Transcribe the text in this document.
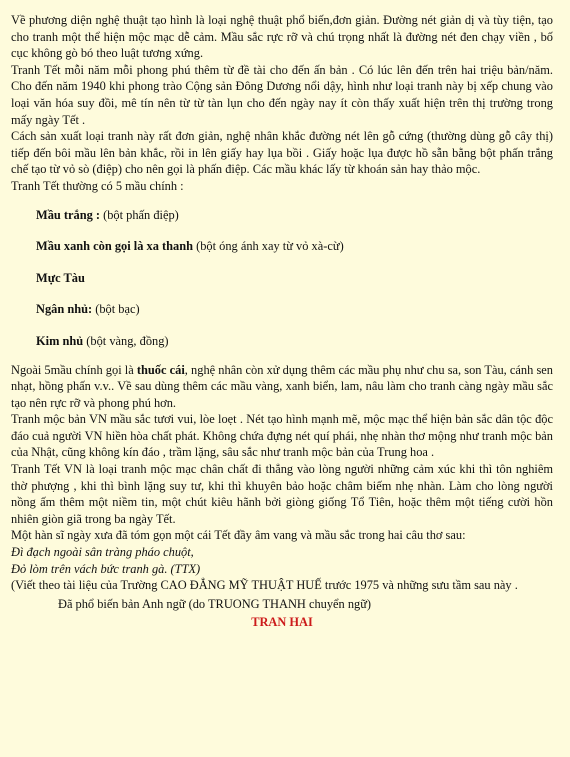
Về phương diện nghệ thuật tạo hình là loại nghệ thuật phổ biến,đơn giản. Đường nét giản dị và tùy tiện, tạo cho tranh một thể hiện mộc mạc dễ cảm. Mầu sắc rực rỡ và chú trọng nhất là đường nét đen chạy viền , bố cục không gò bó theo luật tương xứng.

Tranh Tết mỗi năm mỗi phong phú thêm từ đề tài cho đến ấn bản . Có lúc lên đến trên hai triệu bản/năm. Cho đến năm 1940 khi phong trào Cộng sản Đông Dương nổi dậy, hình như loại tranh này bị xếp chung vào loại văn hóa suy đồi, mê tín nên từ từ tàn lụn cho đến ngày nay ít còn thấy xuất hiện trên thị trường trong mấy ngày Tết .

Cách sản xuất loại tranh này rất đơn giản, nghệ nhân khắc đường nét lên gỗ cứng (thường dùng gỗ cây thị) tiếp đến bôi mầu lên bản khắc, rồi in lên giấy hay lụa bồi . Giấy hoặc lụa được hồ sẵn bằng bột phấn trắng chế tạo từ vỏ sò (điệp) cho nên gọi là phấn điệp. Các mầu khác lấy từ khoán sản hay thảo mộc.

Tranh Tết thường có 5 mầu chính :

Mầu trắng : (bột phấn điệp)

Mầu xanh còn gọi là xa thanh (bột óng ánh xay từ vỏ xà-cừ)

Mực Tàu

Ngân nhủ: (bột bạc)

Kim nhủ (bột vàng, đồng)

Ngoài 5mầu chính gọi là thuốc cái, nghệ nhân còn xử dụng thêm các mầu phụ như chu sa, son Tàu, cánh sen nhạt, hồng phấn v.v.. Về sau dùng thêm các mầu vàng, xanh biển, lam, nâu làm cho tranh càng ngày mầu sắc tạo nên rực rỡ và phong phú hơn.

Tranh mộc bản VN mầu sắc tươi vui, lòe loẹt . Nét tạo hình mạnh mẽ, mộc mạc thể hiện bản sắc dân tộc độc đáo cuả người VN hiền hòa chất phát. Không chứa đựng nét quí phái, nhẹ nhàn thơ mộng như tranh mộc bản của Nhật, cũng không kín đáo , trầm lặng, sâu sắc như tranh mộc bản của Trung hoa .

Tranh Tết VN là loại tranh mộc mạc chân chất đi thẳng vào lòng người những cảm xúc khi thì tôn nghiêm thờ phượng , khi thì bình lặng suy tư, khi thì khuyên bảo hoặc châm biếm nhẹ nhàn. Làm cho lòng người nồng ấm thêm một niềm tin, một chút kiêu hãnh bởi giòng giống Tổ Tiên, hoặc thêm một tiếng cười hồn nhiên giòn giã trong ba ngày Tết.

Một hàn sĩ ngày xưa đã tóm gọn một cái Tết đầy âm vang và mầu sắc trong hai câu thơ sau:

Đì đạch ngoài sân tràng pháo chuột,

Đỏ lòm trên vách bức tranh gà. (TTX)

(Viết theo tài liệu của Trường CAO ĐẲNG MỸ THUẬT HUẾ trước 1975 và những sưu tầm sau này .

Đã phổ biến bản Anh ngữ (do TRUONG THANH chuyển ngữ)

TRAN HAI
